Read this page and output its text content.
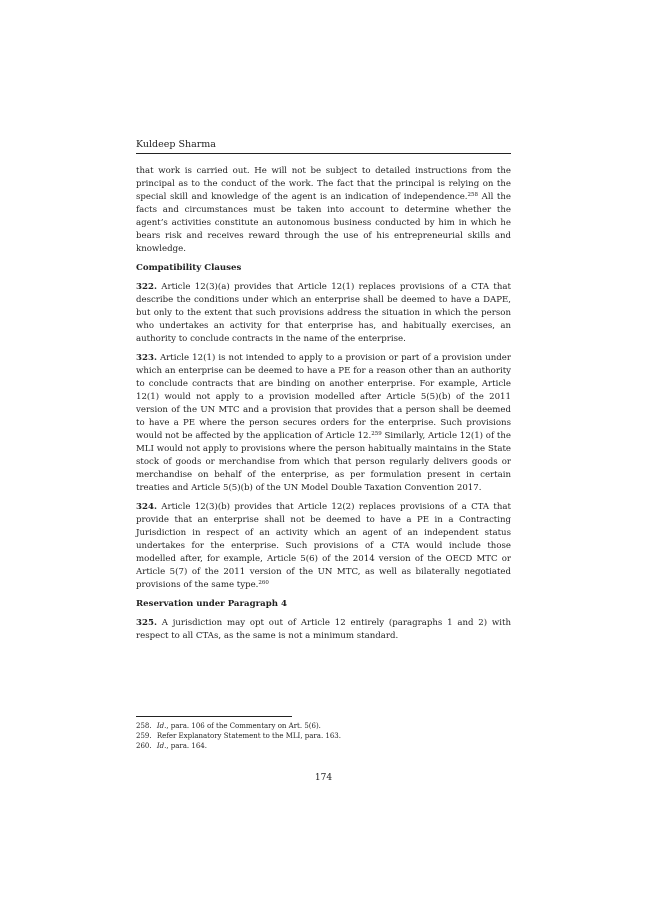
Kuldeep Sharma

that work is carried out. He will not be subject to detailed instructions from the principal as to the conduct of the work. The fact that the principal is relying on the special skill and knowledge of the agent is an indication of independence.$^{258}$ All the facts and circumstances must be taken into account to determine whether the agent’s activities constitute an autonomous business conducted by him in which he bears risk and receives reward through the use of his entrepreneurial skills and knowledge.

Compatibility Clauses

322. Article 12(3)(a) provides that Article 12(1) replaces provisions of a CTA that describe the conditions under which an enterprise shall be deemed to have a DAPE, but only to the extent that such provisions address the situation in which the person who undertakes an activity for that enterprise has, and habitually exercises, an authority to conclude contracts in the name of the enterprise.

323. Article 12(1) is not intended to apply to a provision or part of a provision under which an enterprise can be deemed to have a PE for a reason other than an authority to conclude contracts that are binding on another enterprise. For example, Article 12(1) would not apply to a provision modelled after Article 5(5)(b) of the 2011 version of the UN MTC and a provision that provides that a person shall be deemed to have a PE where the person secures orders for the enterprise. Such provisions would not be affected by the application of Article 12.$^{259}$ Similarly, Article 12(1) of the MLI would not apply to provisions where the person habitually maintains in the State stock of goods or merchandise from which that person regularly delivers goods or merchandise on behalf of the enterprise, as per formulation present in certain treaties and Article 5(5)(b) of the UN Model Double Taxation Convention 2017.

324. Article 12(3)(b) provides that Article 12(2) replaces provisions of a CTA that provide that an enterprise shall not be deemed to have a PE in a Contracting Jurisdiction in respect of an activity which an agent of an independent status undertakes for the enterprise. Such provisions of a CTA would include those modelled after, for example, Article 5(6) of the 2014 version of the OECD MTC or Article 5(7) of the 2011 version of the UN MTC, as well as bilaterally negotiated provisions of the same type.$^{260}$

Reservation under Paragraph 4

325. A jurisdiction may opt out of Article 12 entirely (paragraphs 1 and 2) with respect to all CTAs, as the same is not a minimum standard.

258. Id., para. 106 of the Commentary on Art. 5(6).

259. Refer Explanatory Statement to the MLI, para. 163.

260. Id., para. 164.

174
